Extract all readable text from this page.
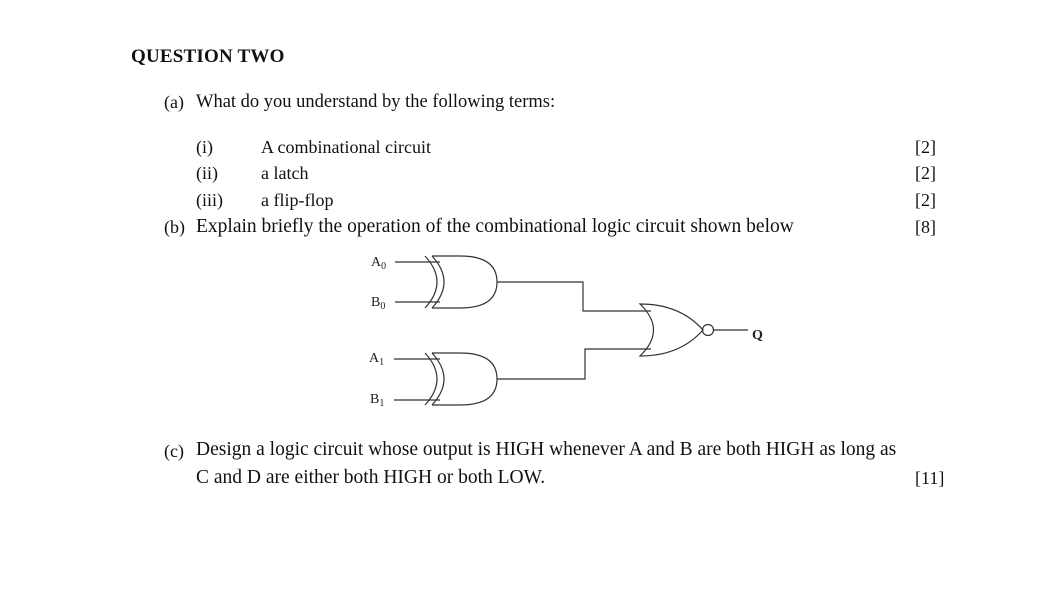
QUESTION TWO
(a) What do you understand by the following terms:
(i)	A combinational circuit	[2]
(ii) a latch	[2]
(iii) a flip-flop	[2]
(b) Explain briefly the operation of the combinational logic circuit shown below	[8]
$A_0$
$B_0$
$A_1$
$B_1$
Q
(c) Design a logic circuit whose output is HIGH whenever A and B are both HIGH as long as
C and D are either both HIGH or both LOW.	[11]
